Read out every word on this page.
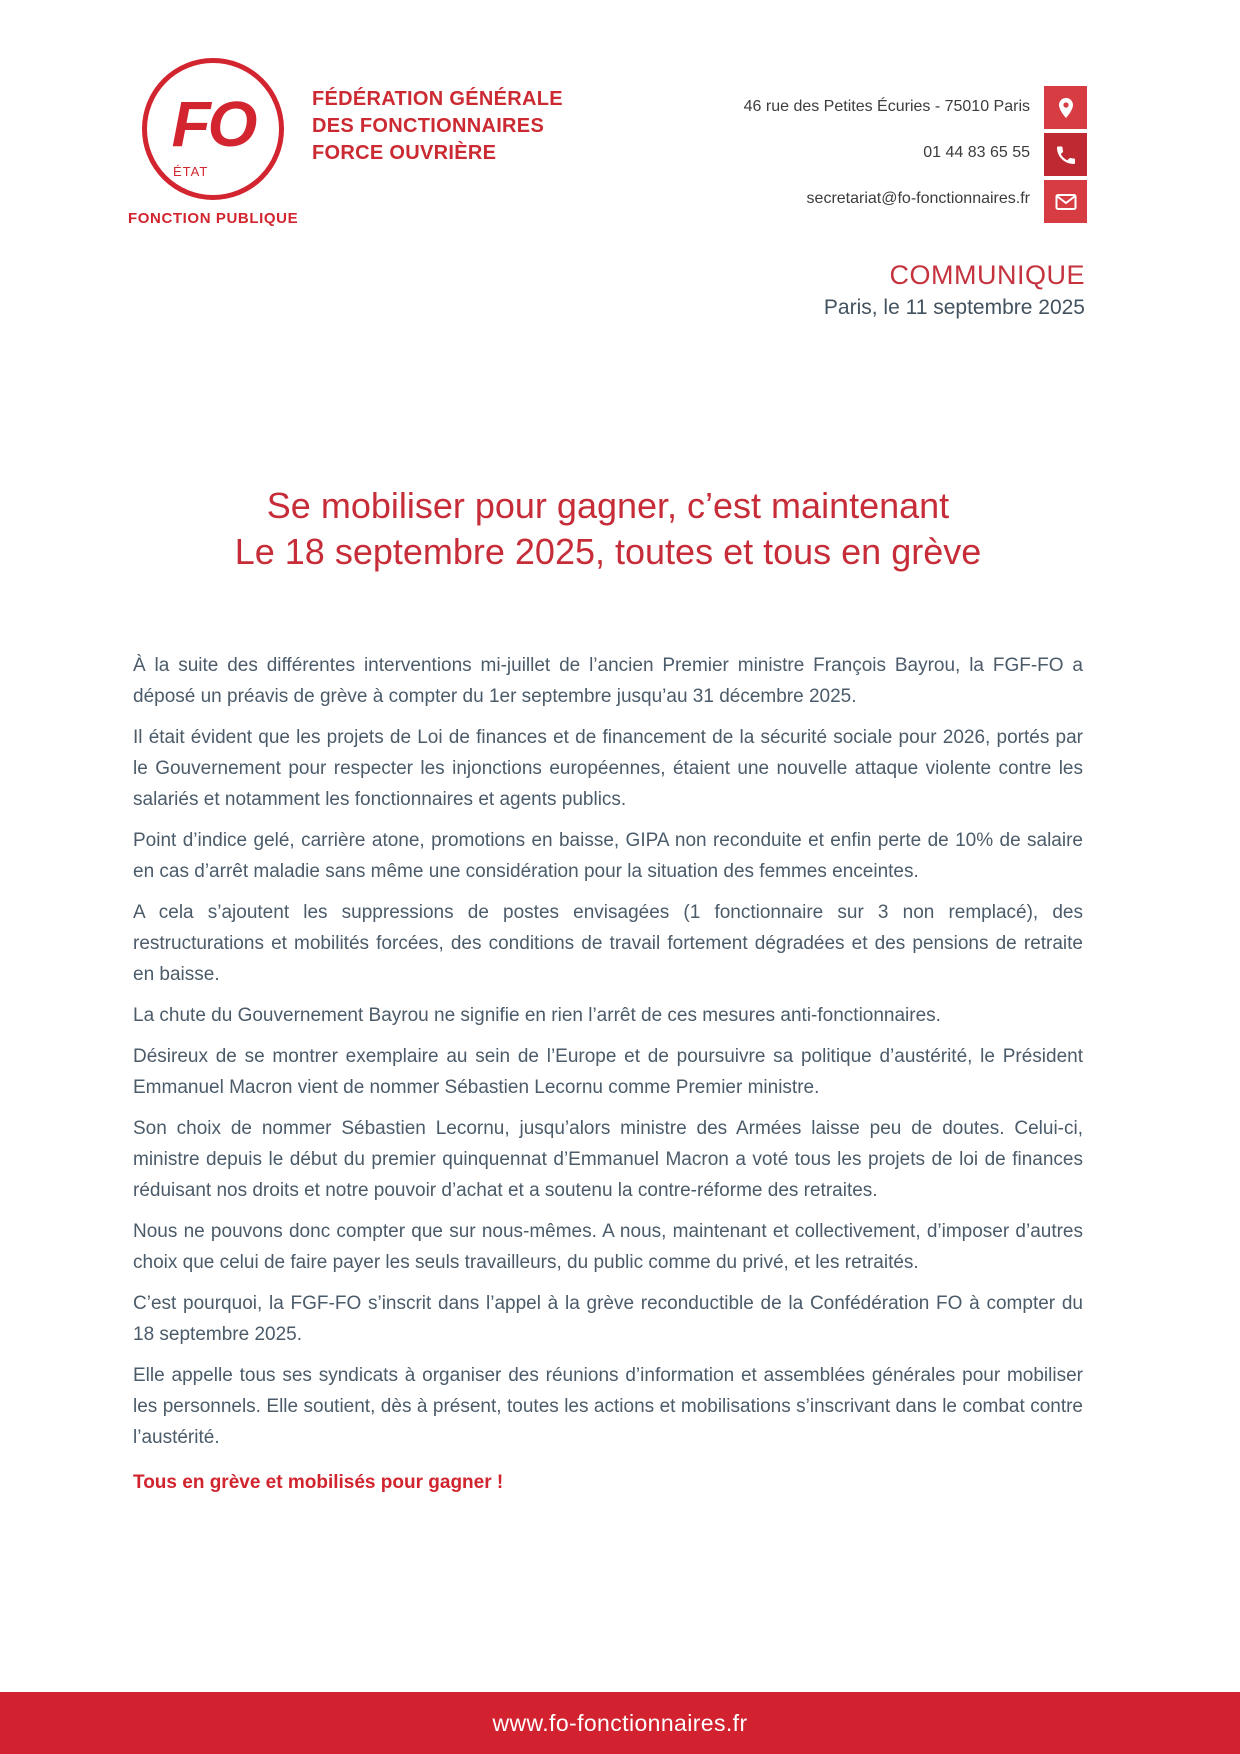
FO
ÉTAT
FONCTION PUBLIQUE
FÉDÉRATION GÉNÉRALE
DES FONCTIONNAIRES
FORCE OUVRIÈRE
46 rue des Petites Écuries - 75010 Paris
01 44 83 65 55
secretariat@fo-fonctionnaires.fr
COMMUNIQUE
Paris, le 11 septembre 2025
Se mobiliser pour gagner, c’est maintenant
Le 18 septembre 2025, toutes et tous en grève

À la suite des différentes interventions mi-juillet de l’ancien Premier ministre François Bayrou, la FGF-FO a déposé un préavis de grève à compter du 1er septembre jusqu’au 31 décembre 2025.

Il était évident que les projets de Loi de finances et de financement de la sécurité sociale pour 2026, portés par le Gouvernement pour respecter les injonctions européennes, étaient une nouvelle attaque violente contre les salariés et notamment les fonctionnaires et agents publics.

Point d’indice gelé, carrière atone, promotions en baisse, GIPA non reconduite et enfin perte de 10% de salaire en cas d’arrêt maladie sans même une considération pour la situation des femmes enceintes.

A cela s’ajoutent les suppressions de postes envisagées (1 fonctionnaire sur 3 non remplacé), des restructurations et mobilités forcées, des conditions de travail fortement dégradées et des pensions de retraite en baisse.

La chute du Gouvernement Bayrou ne signifie en rien l’arrêt de ces mesures anti-fonctionnaires.

Désireux de se montrer exemplaire au sein de l’Europe et de poursuivre sa politique d’austérité, le Président Emmanuel Macron vient de nommer Sébastien Lecornu comme Premier ministre.

Son choix de nommer Sébastien Lecornu, jusqu’alors ministre des Armées laisse peu de doutes. Celui-ci, ministre depuis le début du premier quinquennat d’Emmanuel Macron a voté tous les projets de loi de finances réduisant nos droits et notre pouvoir d’achat et a soutenu la contre-réforme des retraites.

Nous ne pouvons donc compter que sur nous-mêmes. A nous, maintenant et collectivement, d’imposer d’autres choix que celui de faire payer les seuls travailleurs, du public comme du privé, et les retraités.

C’est pourquoi, la FGF-FO s’inscrit dans l’appel à la grève reconductible de la Confédération FO à compter du 18 septembre 2025.

Elle appelle tous ses syndicats à organiser des réunions d’information et assemblées générales pour mobiliser les personnels. Elle soutient, dès à présent, toutes les actions et mobilisations s’inscrivant dans le combat contre l’austérité.

Tous en grève et mobilisés pour gagner !
www.fo-fonctionnaires.fr
